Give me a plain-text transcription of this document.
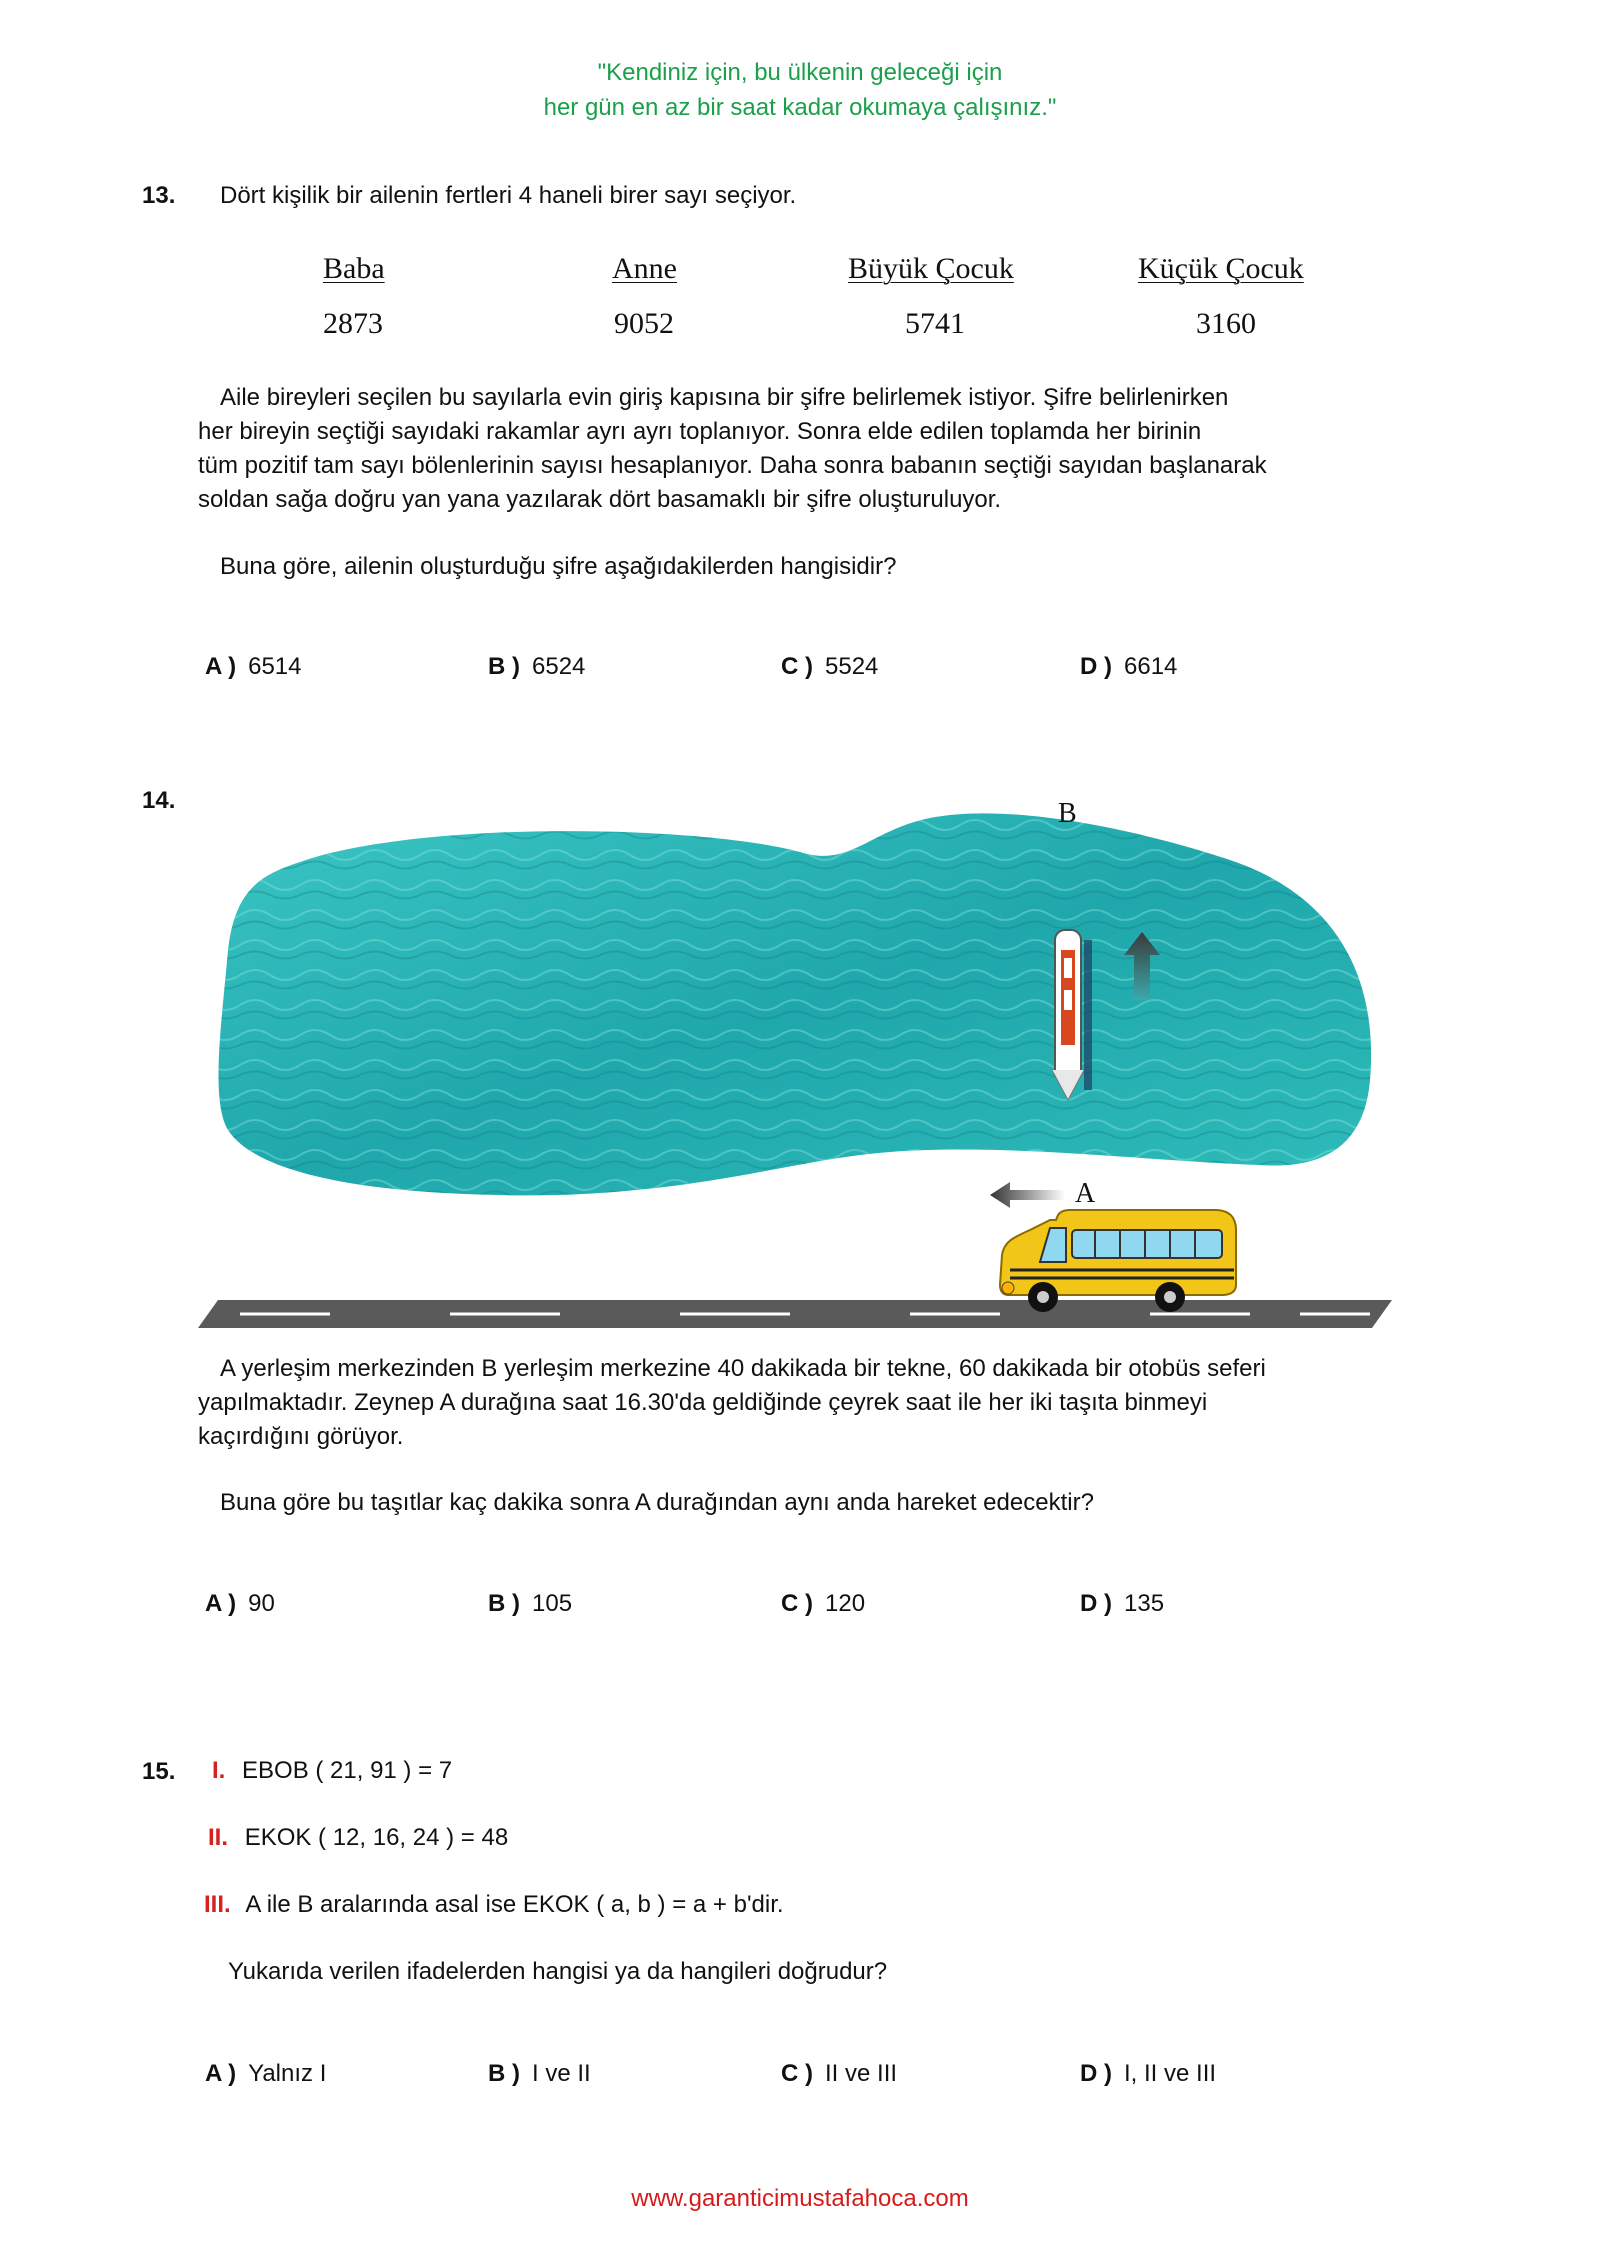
"Kendiniz için, bu ülkenin geleceği için
her gün en az bir saat kadar okumaya çalışınız."
13. Dört kişilik bir ailenin fertleri 4 haneli birer sayı seçiyor.
Baba	Anne	Büyük Çocuk	Küçük Çocuk
2873	9052	5741	3160
Aile bireyleri seçilen bu sayılarla evin giriş kapısına bir şifre belirlemek istiyor. Şifre belirlenirken
her bireyin seçtiği sayıdaki rakamlar ayrı ayrı toplanıyor. Sonra elde edilen toplamda her birinin
tüm pozitif tam sayı bölenlerinin sayısı hesaplanıyor. Daha sonra babanın seçtiği sayıdan başlanarak
soldan sağa doğru yan yana yazılarak dört basamaklı bir şifre oluşturuluyor.
Buna göre, ailenin oluşturduğu şifre aşağıdakilerden hangisidir?
A ) 6514	B ) 6524	C ) 5524	D ) 6614
14.	B
A
A yerleşim merkezinden B yerleşim merkezine 40 dakikada bir tekne, 60 dakikada bir otobüs seferi
yapılmaktadır. Zeynep A durağına saat 16.30'da geldiğinde çeyrek saat ile her iki taşıta binmeyi
kaçırdığını görüyor.
Buna göre bu taşıtlar kaç dakika sonra A durağından aynı anda hareket edecektir?
A ) 90	B ) 105	C ) 120	D ) 135
15. I. EBOB ( 21, 91 ) = 7
II. EKOK ( 12, 16, 24 ) = 48
III. A ile B aralarında asal ise EKOK ( a, b ) = a + b'dir.
Yukarıda verilen ifadelerden hangisi ya da hangileri doğrudur?
A ) Yalnız I	B ) I ve II	C ) II ve III	D ) I, II ve III
www.garanticimustafahoca.com
